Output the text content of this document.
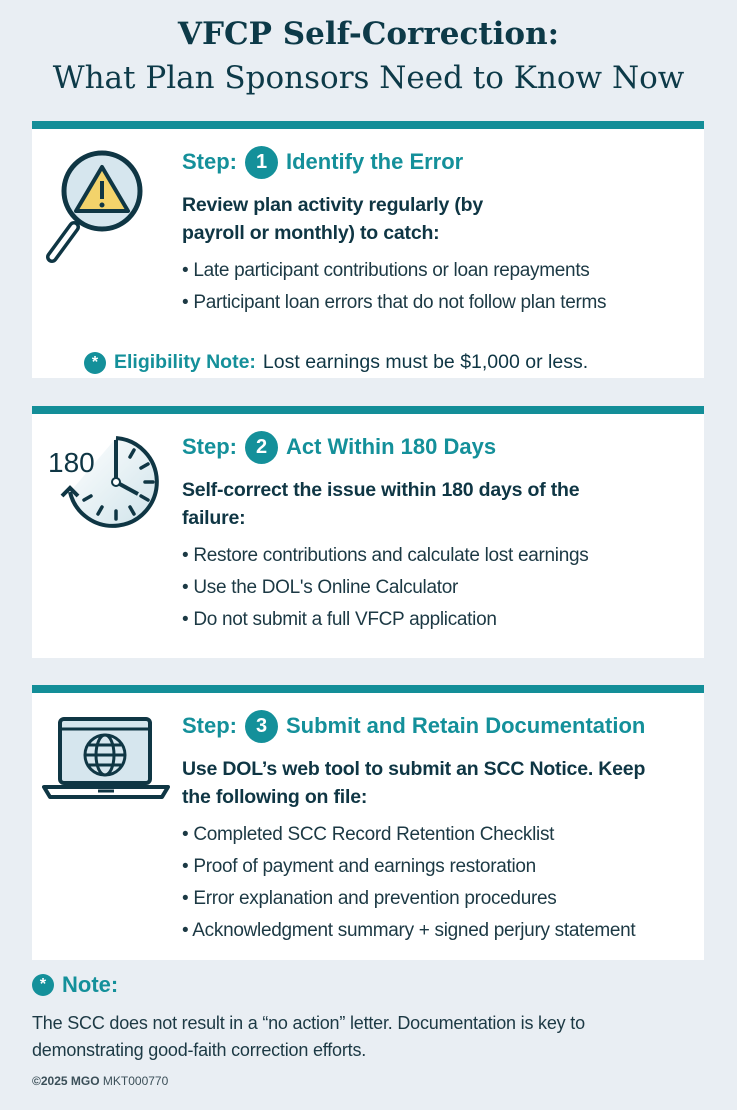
VFCP Self-Correction:
What Plan Sponsors Need to Know Now
Step: 1 Identify the Error
Review plan activity regularly (by payroll or monthly) to catch:
• Late participant contributions or loan repayments
• Participant loan errors that do not follow plan terms
* Eligibility Note: Lost earnings must be $1,000 or less.
180
Step: 2 Act Within 180 Days
Self-correct the issue within 180 days of the failure:
• Restore contributions and calculate lost earnings
• Use the DOL's Online Calculator
• Do not submit a full VFCP application
Step: 3 Submit and Retain Documentation
Use DOL’s web tool to submit an SCC Notice. Keep the following on file:
• Completed SCC Record Retention Checklist
• Proof of payment and earnings restoration
• Error explanation and prevention procedures
• Acknowledgment summary + signed perjury statement
* Note:
The SCC does not result in a “no action” letter. Documentation is key to demonstrating good-faith correction efforts.
©2025 MGO MKT000770
